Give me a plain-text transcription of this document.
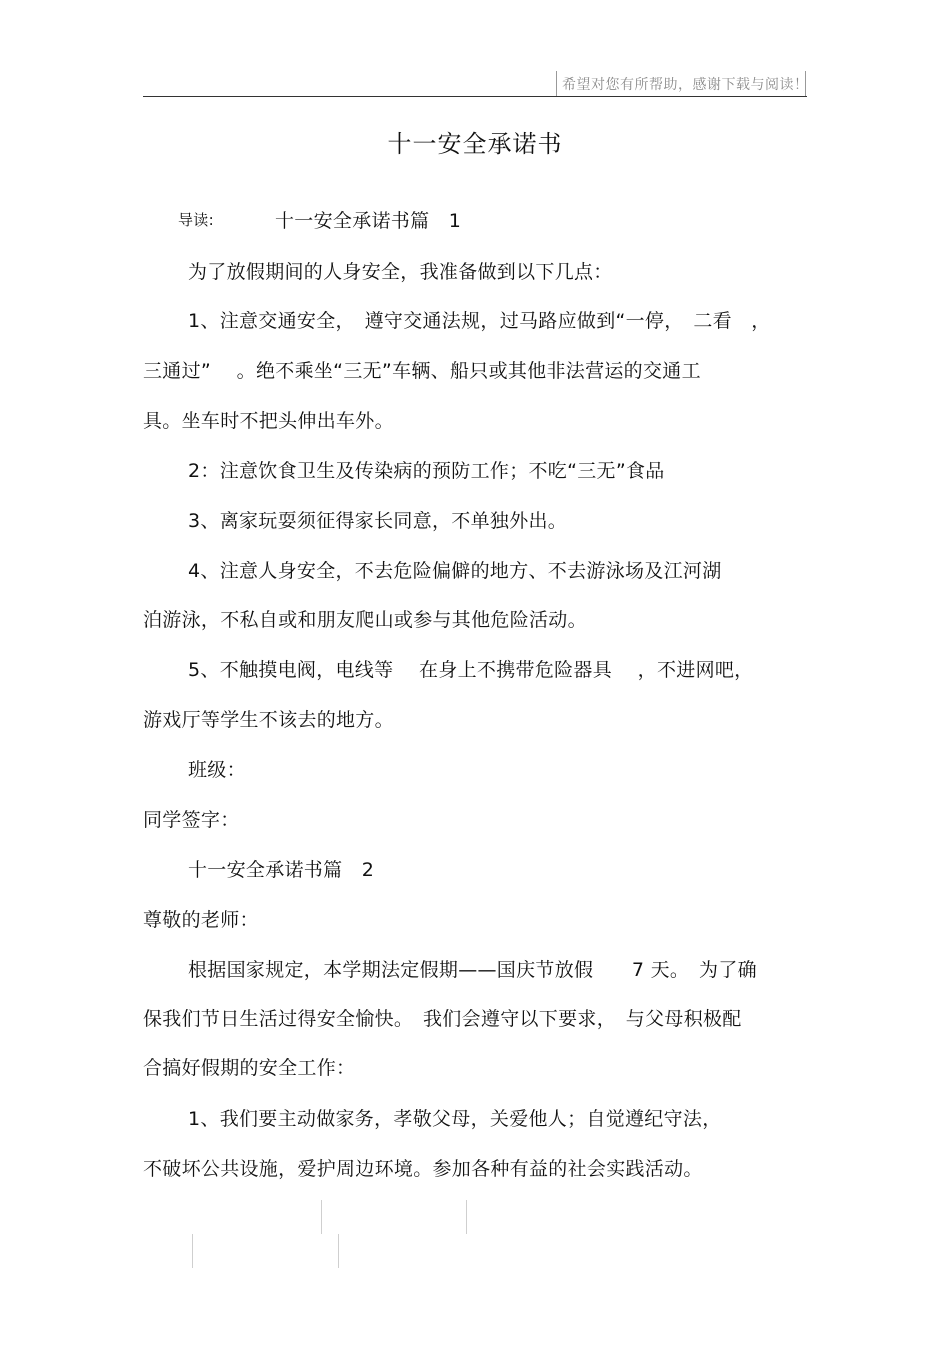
希望对您有所帮助，感谢下载与阅读！
十一安全承诺书
导读:	十一安全承诺书篇　1
为了放假期间的人身安全，我准备做到以下几点：
1、注意交通安全，　遵守交通法规，过马路应做到“一停，　二看　，
三通过”　 。绝不乘坐“三无”车辆、船只或其他非法营运的交通工
具。坐车时不把头伸出车外。
2：注意饮食卫生及传染病的预防工作；不吃“三无”食品
3、离家玩耍须征得家长同意，不单独外出。
4、注意人身安全，不去危险偏僻的地方、不去游泳场及江河湖
泊游泳，不私自或和朋友爬山或参与其他危险活动。
5、不触摸电阀，电线等　 在身上不携带危险器具　 ，不进网吧，
游戏厅等学生不该去的地方。
班级：
同学签字：
十一安全承诺书篇　2
尊敬的老师：
根据国家规定，本学期法定假期——国庆节放假　　7 天。　为了确
保我们节日生活过得安全愉快。　我们会遵守以下要求，　与父母积极配
合搞好假期的安全工作：
1、我们要主动做家务，孝敬父母，关爱他人；自觉遵纪守法，
不破坏公共设施，爱护周边环境。参加各种有益的社会实践活动。
